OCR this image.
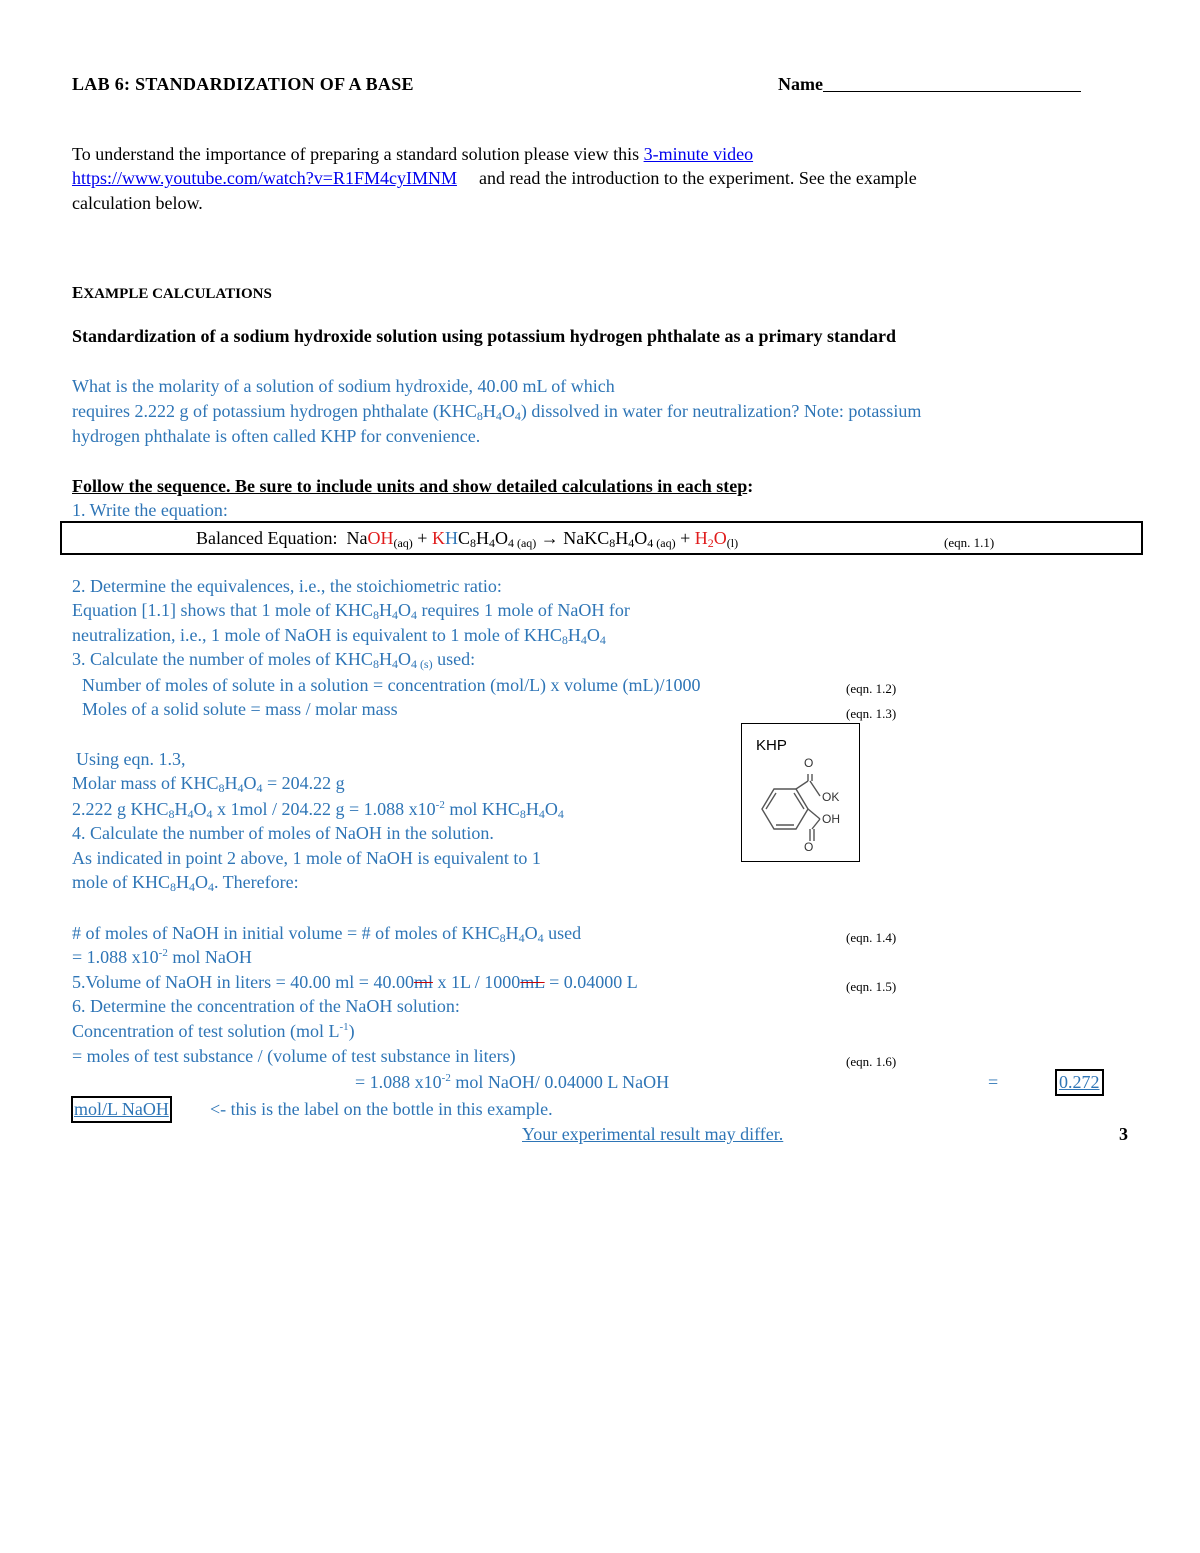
LAB 6: STANDARDIZATION OF A BASE	Name
To understand the importance of preparing a standard solution please view this 3-minute video
https://www.youtube.com/watch?v=R1FM4cyIMNM and read the introduction to the experiment. See the example
calculation below.
EXAMPLE CALCULATIONS
Standardization of a sodium hydroxide solution using potassium hydrogen phthalate as a primary standard
What is the molarity of a solution of sodium hydroxide, 40.00 mL of which
requires 2.222 g of potassium hydrogen phthalate $(KHC_8H_4O_4)$ dissolved in water for neutralization? Note: potassium
hydrogen phthalate is often called KHP for convenience.
Follow the sequence. Be sure to include units and show detailed calculations in each step:
1. Write the equation:
Balanced Equation: NaOH$_{(aq)}$ + $KHC_8H_4O_{4 (aq)}$ → $NaKC_8H_4O_{4 (aq)} + H_2O_{(l)}$	(eqn. 1.1)
2. Determine the equivalences, i.e., the stoichiometric ratio:
Equation [1.1] shows that 1 mole of $KHC_8H_4O_4$ requires 1 mole of NaOH for
neutralization, i.e., 1 mole of NaOH is equivalent to 1 mole of $KHC_8H_4O_4$
3. Calculate the number of moles of $KHC_8H_4O_{4 (s)}$ used:
Number of moles of solute in a solution = concentration (mol/L) x volume (mL)/1000	(eqn. 1.2)
Moles of a solid solute = mass / molar mass	(eqn. 1.3)
KHP
O
OK
OH
O
Using eqn. 1.3,
Molar mass of $KHC_8H_4O_4 = 204.22$ g
2.222 g $KHC_8H_4O_4$ x 1mol / 204.22 g = 1.088 $x10^{-2}$ mol $KHC_8H_4O_4$
4. Calculate the number of moles of NaOH in the solution.
As indicated in point 2 above, 1 mole of NaOH is equivalent to 1
mole of $KHC_8H_4O_4$. Therefore:
# of moles of NaOH in initial volume = # of moles of $KHC_8H_4O_4$ used	(eqn. 1.4)
= 1.088 $x10^{-2}$ mol NaOH
5.Volume of NaOH in liters = 40.00 ml = 40.00ml x 1L / 1000mL = 0.04000 L	(eqn. 1.5)
6. Determine the concentration of the NaOH solution:
Concentration of test solution (mol $L^{-1}$)
= moles of test substance / (volume of test substance in liters)	(eqn. 1.6)
= 1.088 $x10^{-2}$ mol NaOH/ 0.04000 L NaOH	=	0.272
mol/L NaOH <- this is the label on the bottle in this example.
Your experimental result may differ.	3
